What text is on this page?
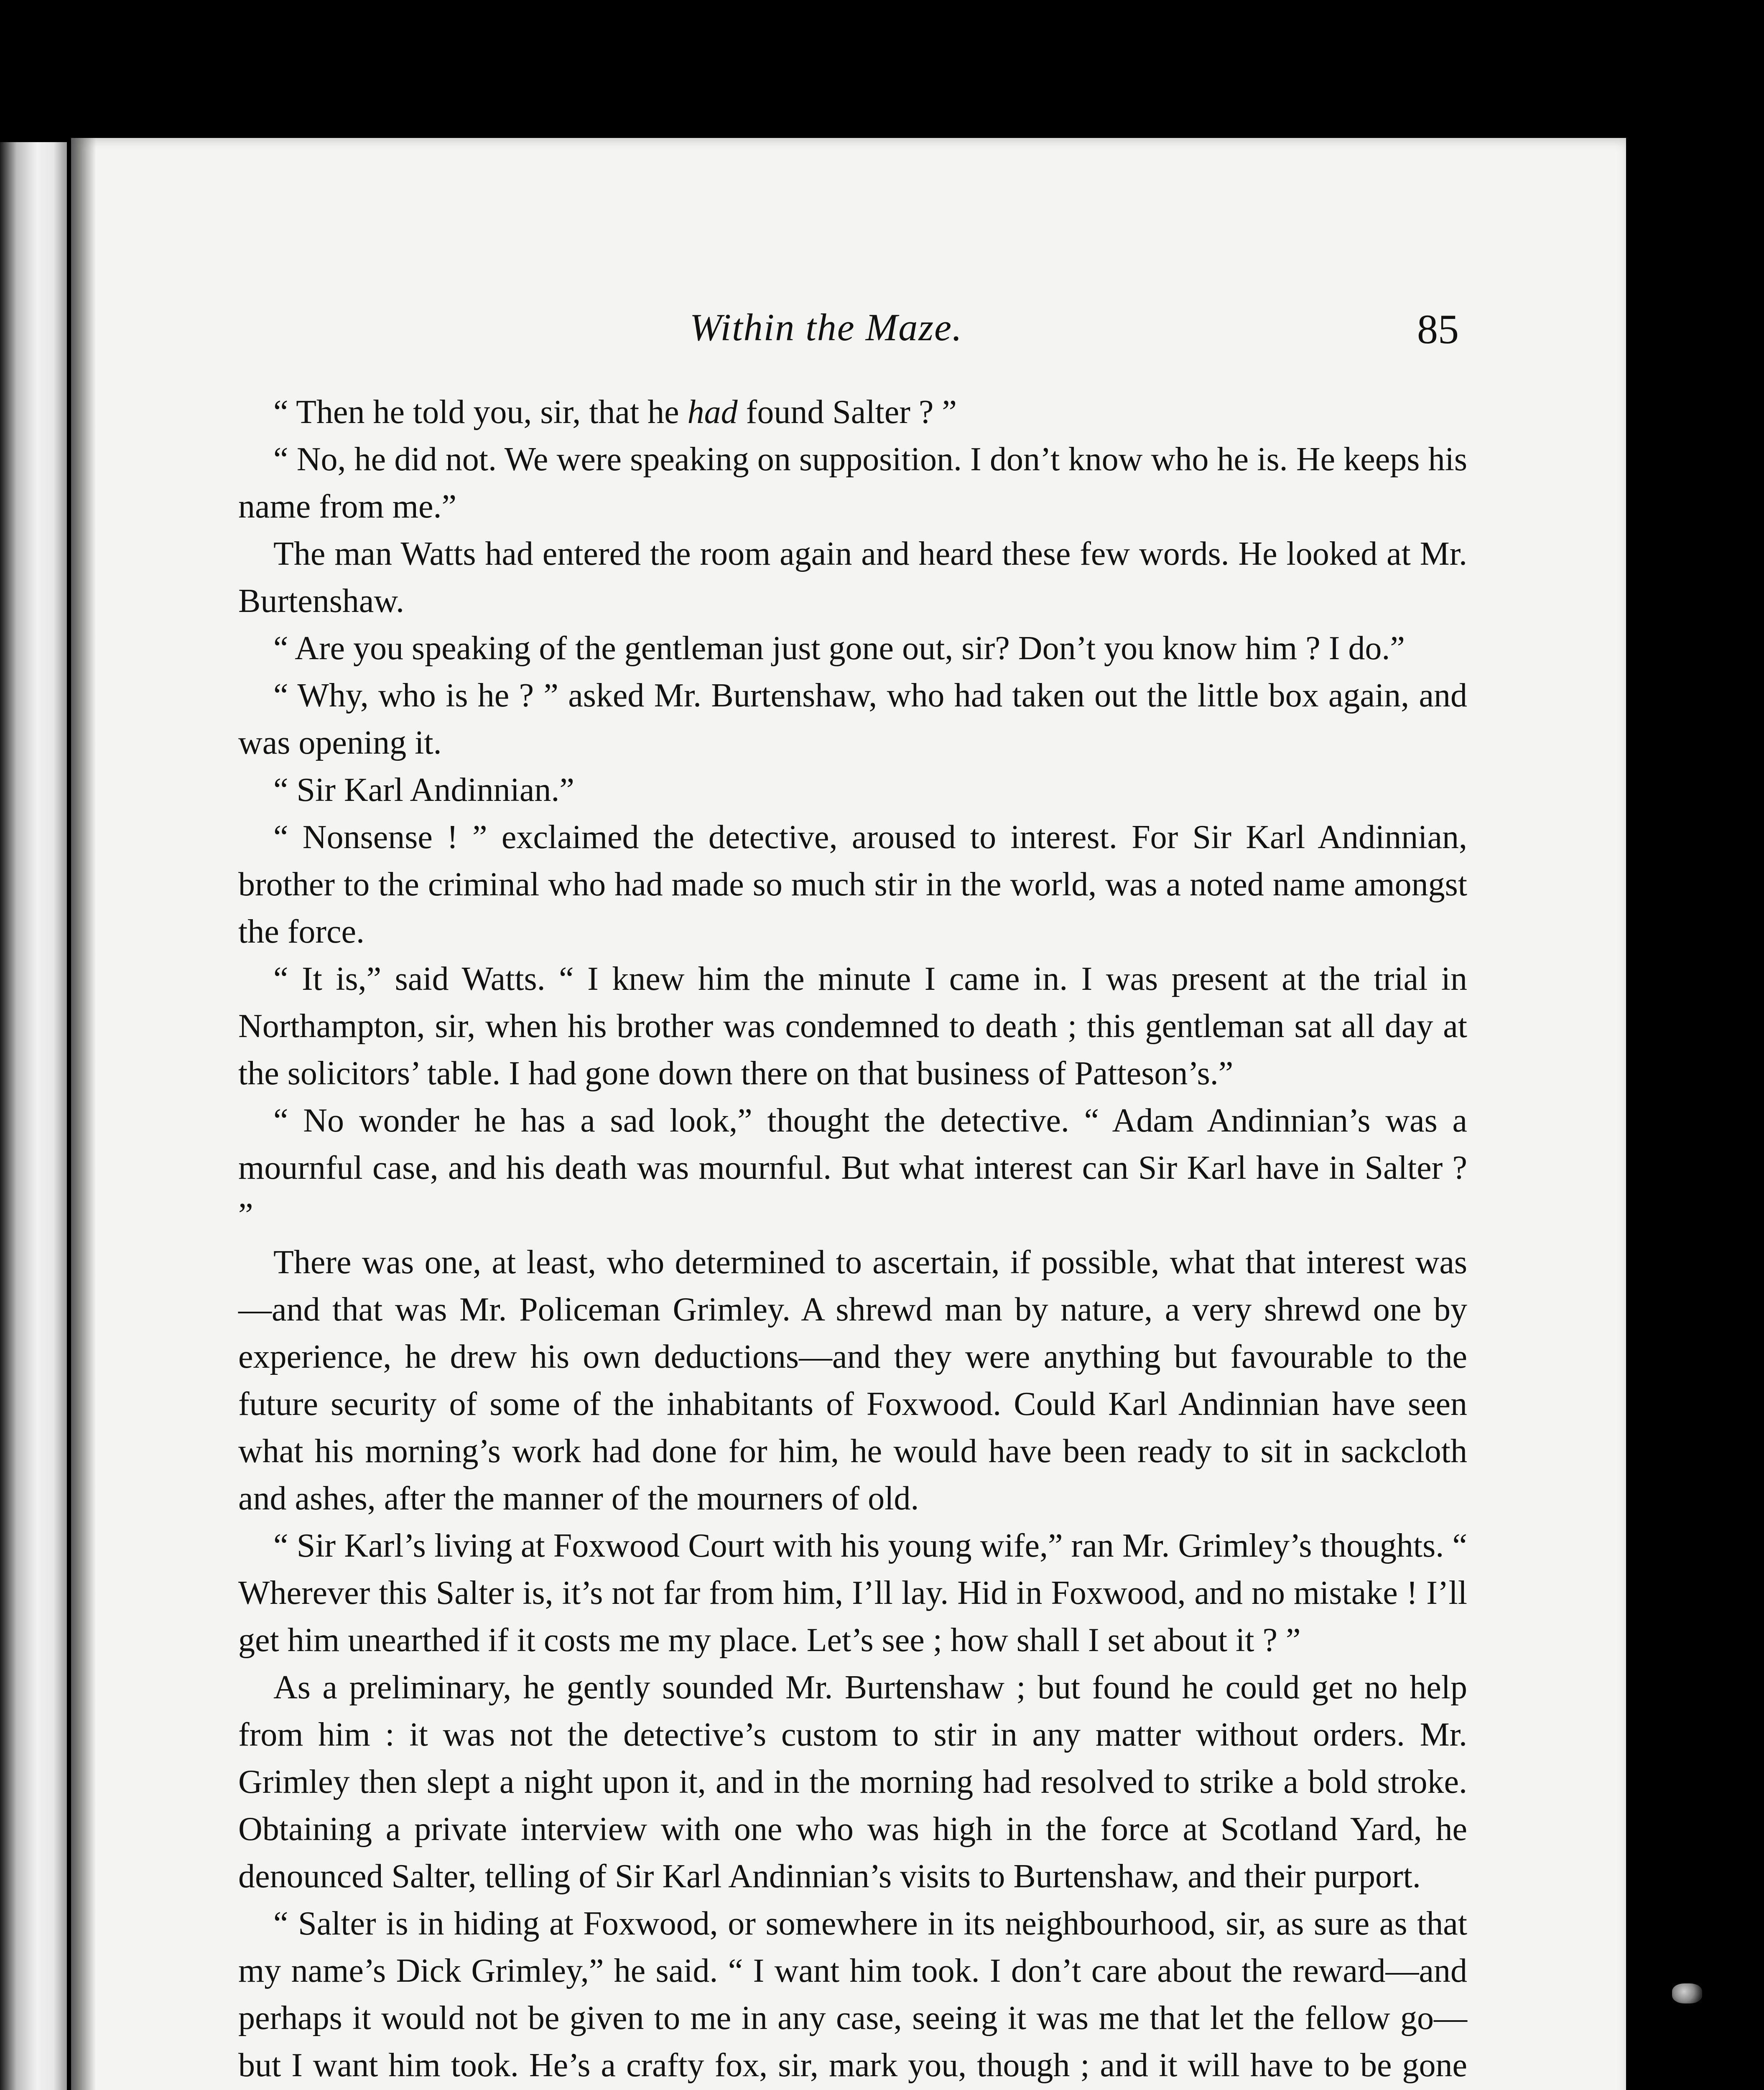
Within the Maze.	85

“ Then he told you, sir, that he had found Salter ? ”

“ No, he did not. We were speaking on supposition. I don’t know who he is. He keeps his name from me.”

The man Watts had entered the room again and heard these few words. He looked at Mr. Burtenshaw.

“ Are you speaking of the gentleman just gone out, sir? Don’t you know him ? I do.”

“ Why, who is he ? ” asked Mr. Burtenshaw, who had taken out the little box again, and was opening it.

“ Sir Karl Andinnian.”

“ Nonsense ! ” exclaimed the detective, aroused to interest. For Sir Karl Andinnian, brother to the criminal who had made so much stir in the world, was a noted name amongst the force.

“ It is,” said Watts. “ I knew him the minute I came in. I was present at the trial in Northampton, sir, when his brother was condemned to death ; this gentleman sat all day at the solicitors’ table. I had gone down there on that business of Patteson’s.”

“ No wonder he has a sad look,” thought the detective. “ Adam Andinnian’s was a mournful case, and his death was mournful. But what interest can Sir Karl have in Salter ? ”

There was one, at least, who determined to ascertain, if possible, what that interest was—and that was Mr. Policeman Grimley. A shrewd man by nature, a very shrewd one by experience, he drew his own deductions—and they were anything but favourable to the future security of some of the inhabitants of Foxwood. Could Karl Andinnian have seen what his morning’s work had done for him, he would have been ready to sit in sackcloth and ashes, after the manner of the mourners of old.

“ Sir Karl’s living at Foxwood Court with his young wife,” ran Mr. Grimley’s thoughts. “ Wherever this Salter is, it’s not far from him, I’ll lay. Hid in Foxwood, and no mistake ! I’ll get him unearthed if it costs me my place. Let’s see ; how shall I set about it ? ”

As a preliminary, he gently sounded Mr. Burtenshaw ; but found he could get no help from him : it was not the detective’s custom to stir in any matter without orders. Mr. Grimley then slept a night upon it, and in the morning had resolved to strike a bold stroke. Obtaining a private interview with one who was high in the force at Scotland Yard, he denounced Salter, telling of Sir Karl Andinnian’s visits to Burtenshaw, and their purport.

“ Salter is in hiding at Foxwood, or somewhere in its neighbourhood, sir, as sure as that my name’s Dick Grimley,” he said. “ I want him took. I don’t care about the reward—and perhaps it would not be given to me in any case, seeing it was me that let the fellow go—but I want him took. He’s a crafty fox, sir, mark you, though ; and it will have to be gone
